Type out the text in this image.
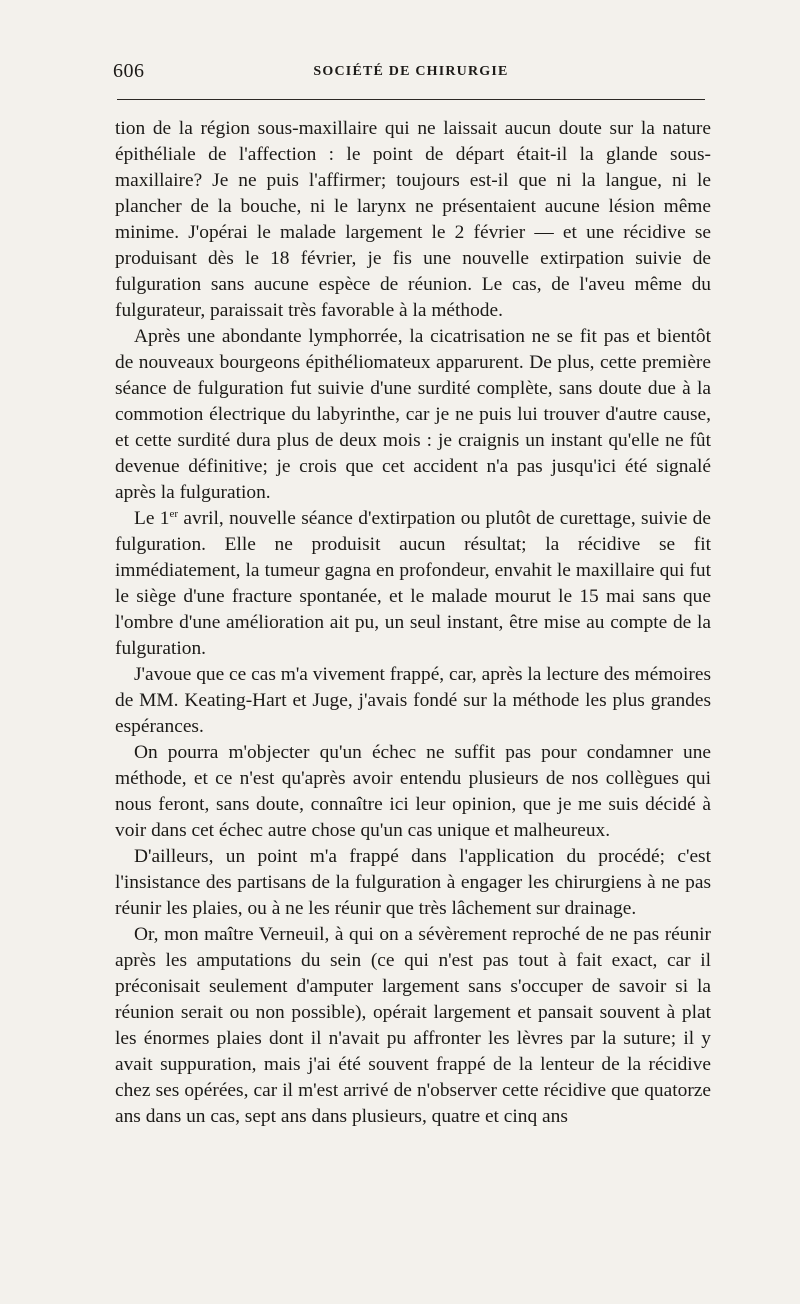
606	SOCIÉTÉ DE CHIRURGIE

tion de la région sous-maxillaire qui ne laissait aucun doute sur la nature épithéliale de l'affection : le point de départ était-il la glande sous-maxillaire? Je ne puis l'affirmer; toujours est-il que ni la langue, ni le plancher de la bouche, ni le larynx ne présentaient aucune lésion même minime. J'opérai le malade largement le 2 février — et une récidive se produisant dès le 18 février, je fis une nouvelle extirpation suivie de fulguration sans aucune espèce de réunion. Le cas, de l'aveu même du fulgurateur, paraissait très favorable à la méthode.

Après une abondante lymphorrée, la cicatrisation ne se fit pas et bientôt de nouveaux bourgeons épithéliomateux apparurent. De plus, cette première séance de fulguration fut suivie d'une surdité complète, sans doute due à la commotion électrique du labyrinthe, car je ne puis lui trouver d'autre cause, et cette surdité dura plus de deux mois : je craignis un instant qu'elle ne fût devenue définitive; je crois que cet accident n'a pas jusqu'ici été signalé après la fulguration.

Le 1er avril, nouvelle séance d'extirpation ou plutôt de curettage, suivie de fulguration. Elle ne produisit aucun résultat; la récidive se fit immédiatement, la tumeur gagna en profondeur, envahit le maxillaire qui fut le siège d'une fracture spontanée, et le malade mourut le 15 mai sans que l'ombre d'une amélioration ait pu, un seul instant, être mise au compte de la fulguration.

J'avoue que ce cas m'a vivement frappé, car, après la lecture des mémoires de MM. Keating-Hart et Juge, j'avais fondé sur la méthode les plus grandes espérances.

On pourra m'objecter qu'un échec ne suffit pas pour condamner une méthode, et ce n'est qu'après avoir entendu plusieurs de nos collègues qui nous feront, sans doute, connaître ici leur opinion, que je me suis décidé à voir dans cet échec autre chose qu'un cas unique et malheureux.

D'ailleurs, un point m'a frappé dans l'application du procédé; c'est l'insistance des partisans de la fulguration à engager les chirurgiens à ne pas réunir les plaies, ou à ne les réunir que très lâchement sur drainage.

Or, mon maître Verneuil, à qui on a sévèrement reproché de ne pas réunir après les amputations du sein (ce qui n'est pas tout à fait exact, car il préconisait seulement d'amputer largement sans s'occuper de savoir si la réunion serait ou non possible), opérait largement et pansait souvent à plat les énormes plaies dont il n'avait pu affronter les lèvres par la suture; il y avait suppuration, mais j'ai été souvent frappé de la lenteur de la récidive chez ses opérées, car il m'est arrivé de n'observer cette récidive que quatorze ans dans un cas, sept ans dans plusieurs, quatre et cinq ans
